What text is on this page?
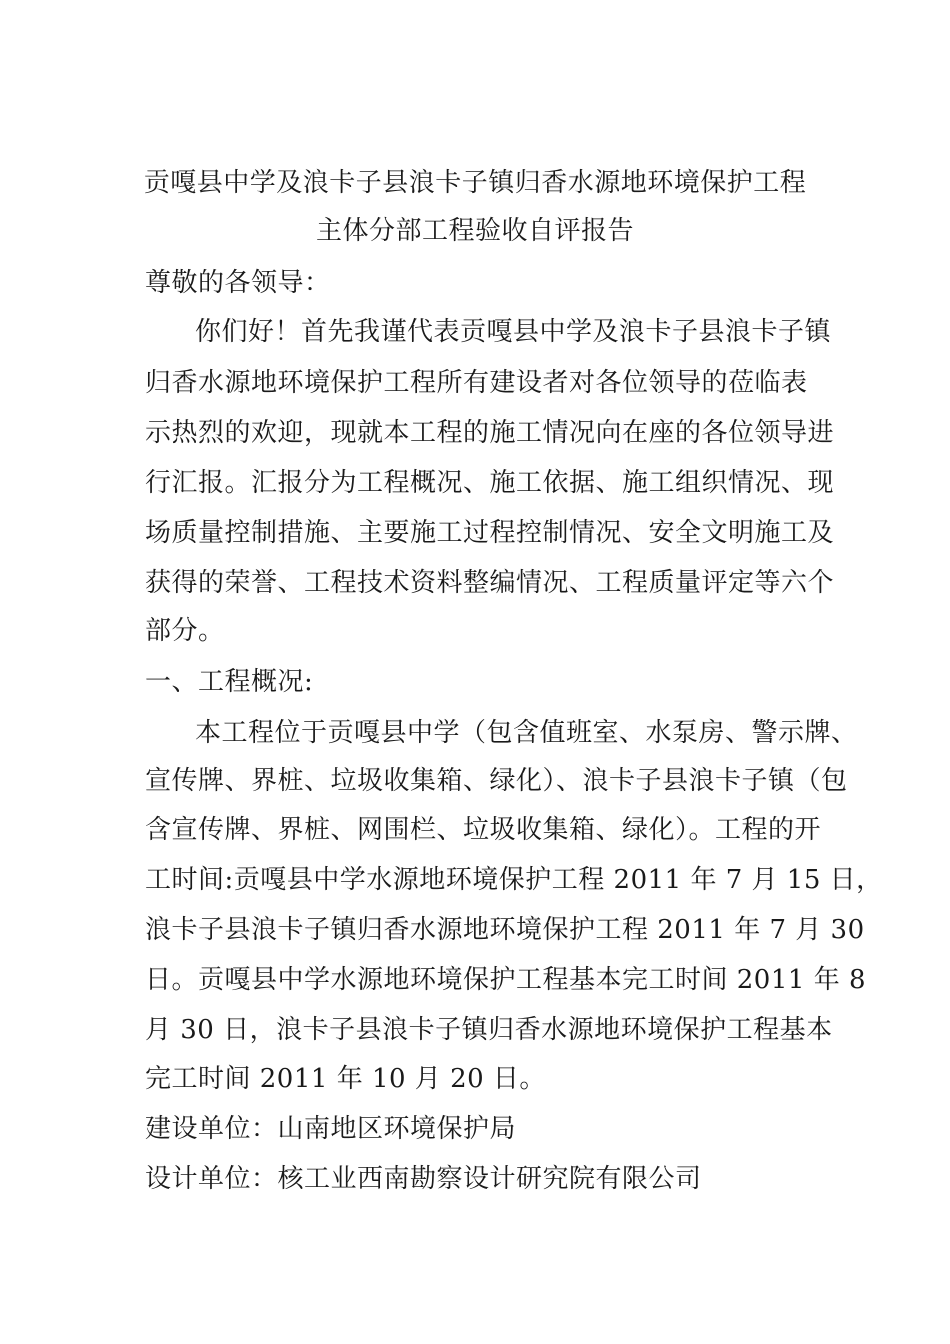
贡嘎县中学及浪卡子县浪卡子镇归香水源地环境保护工程
主体分部工程验收自评报告
尊敬的各领导：
你们好！首先我谨代表贡嘎县中学及浪卡子县浪卡子镇
归香水源地环境保护工程所有建设者对各位领导的莅临表
示热烈的欢迎，现就本工程的施工情况向在座的各位领导进
行汇报。汇报分为工程概况、施工依据、施工组织情况、现
场质量控制措施、主要施工过程控制情况、安全文明施工及
获得的荣誉、工程技术资料整编情况、工程质量评定等六个
部分。
一、工程概况:
本工程位于贡嘎县中学（包含值班室、水泵房、警示牌、
宣传牌、界桩、垃圾收集箱、绿化）、浪卡子县浪卡子镇（包
含宣传牌、界桩、网围栏、垃圾收集箱、绿化）。工程的开
工时间:贡嘎县中学水源地环境保护工程 2011 年 7 月 15 日，
浪卡子县浪卡子镇归香水源地环境保护工程 2011 年 7 月 30
日。贡嘎县中学水源地环境保护工程基本完工时间 2011 年 8
月 30 日，浪卡子县浪卡子镇归香水源地环境保护工程基本
完工时间 2011 年 10 月 20 日。
建设单位：山南地区环境保护局
设计单位：核工业西南勘察设计研究院有限公司
